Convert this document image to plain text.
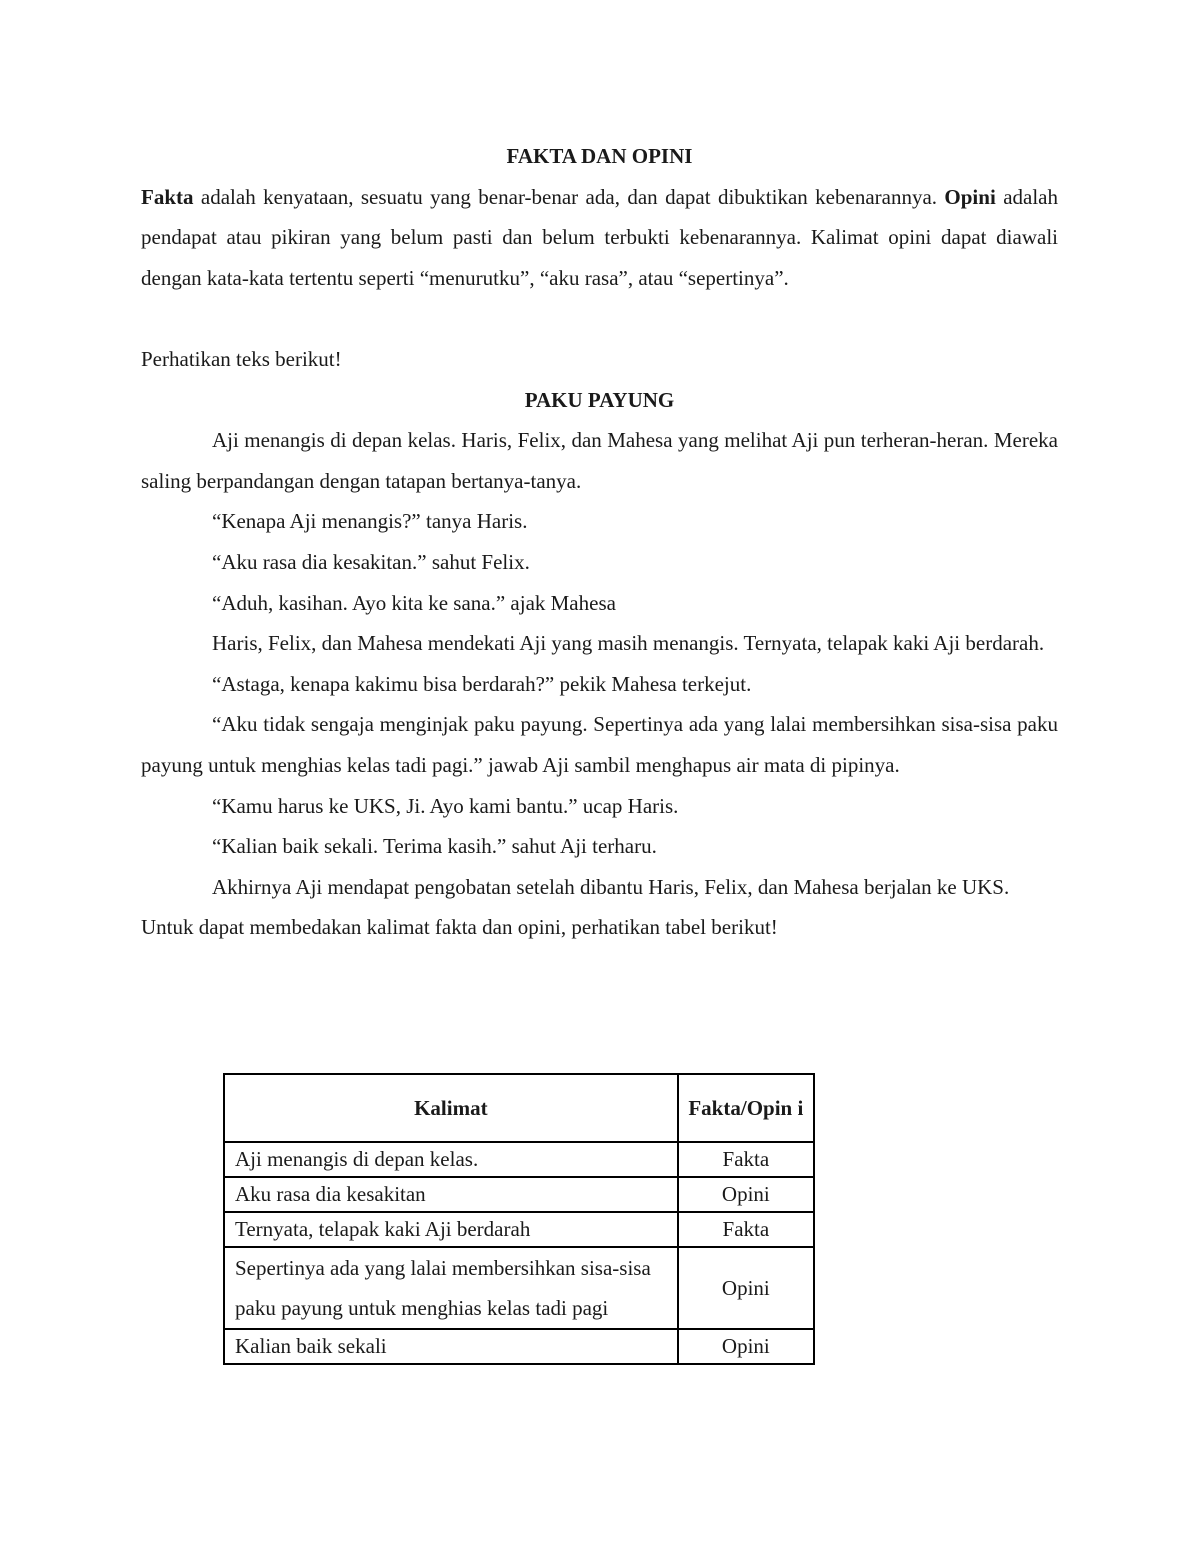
FAKTA DAN OPINI

Fakta adalah kenyataan, sesuatu yang benar-benar ada, dan dapat dibuktikan kebenarannya. Opini adalah pendapat atau pikiran yang belum pasti dan belum terbukti kebenarannya. Kalimat opini dapat diawali dengan kata-kata tertentu seperti “menurutku”, “aku rasa”, atau “sepertinya”.

Perhatikan teks berikut!

PAKU PAYUNG

Aji menangis di depan kelas. Haris, Felix, dan Mahesa yang melihat Aji pun terheran-heran. Mereka saling berpandangan dengan tatapan bertanya-tanya.

“Kenapa Aji menangis?” tanya Haris.

“Aku rasa dia kesakitan.” sahut Felix.

“Aduh, kasihan. Ayo kita ke sana.” ajak Mahesa

Haris, Felix, dan Mahesa mendekati Aji yang masih menangis. Ternyata, telapak kaki Aji berdarah.

“Astaga, kenapa kakimu bisa berdarah?” pekik Mahesa terkejut.

“Aku tidak sengaja menginjak paku payung. Sepertinya ada yang lalai membersihkan sisa-sisa paku payung untuk menghias kelas tadi pagi.” jawab Aji sambil menghapus air mata di pipinya.

“Kamu harus ke UKS, Ji. Ayo kami bantu.” ucap Haris.

“Kalian baik sekali. Terima kasih.” sahut Aji terharu.

Akhirnya Aji mendapat pengobatan setelah dibantu Haris, Felix, dan Mahesa berjalan ke UKS.

Untuk dapat membedakan kalimat fakta dan opini, perhatikan tabel berikut!

Kalimat	Fakta/Opin i
Aji menangis di depan kelas.	Fakta
Aku rasa dia kesakitan	Opini
Ternyata, telapak kaki Aji berdarah	Fakta
Sepertinya ada yang lalai membersihkan sisa-sisa paku payung untuk menghias kelas tadi pagi	Opini
Kalian baik sekali	Opini
